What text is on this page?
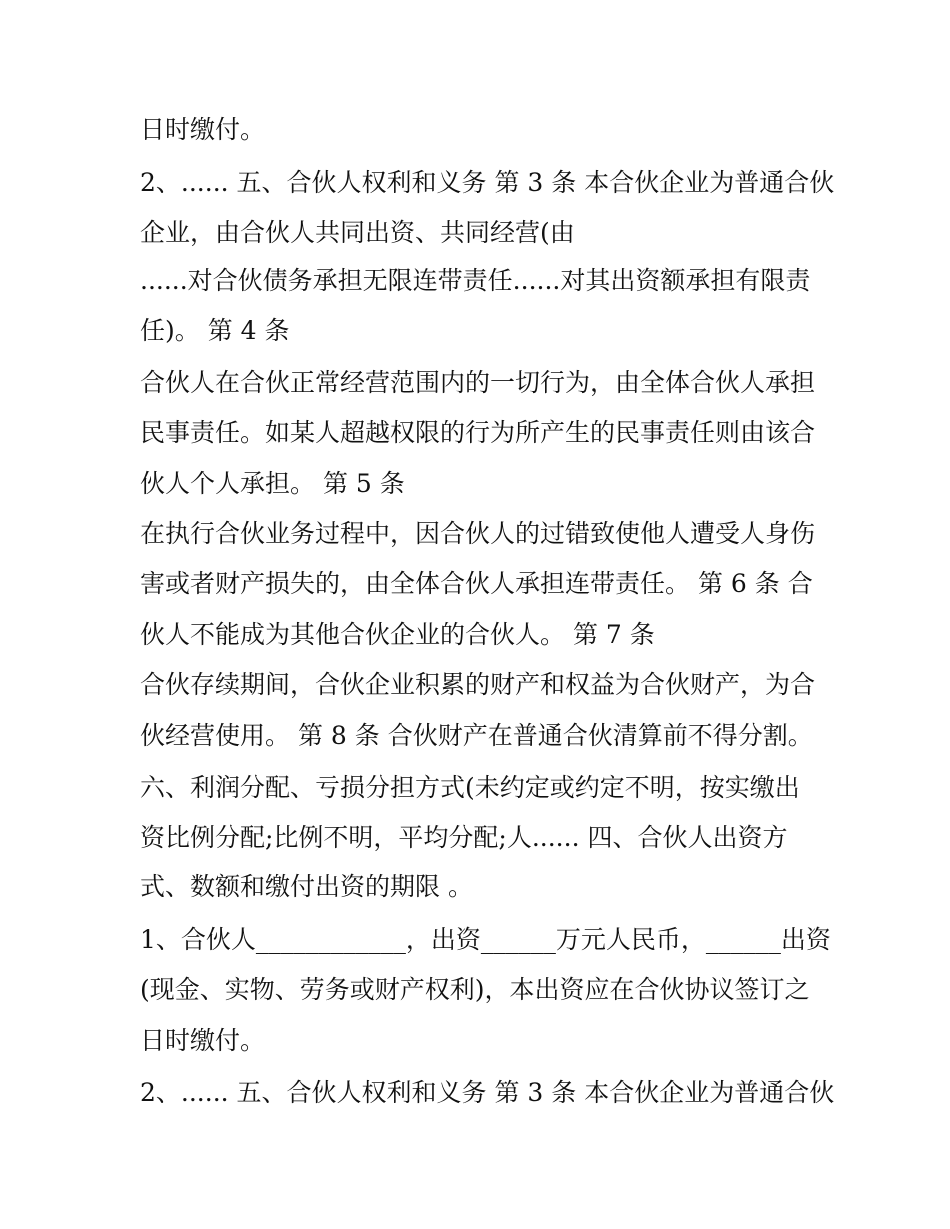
日时缴付。
2、...... 五、合伙人权利和义务 第 3 条 本合伙企业为普通合伙
企业，由合伙人共同出资、共同经营(由
......对合伙债务承担无限连带责任......对其出资额承担有限责
任)。 第 4 条
合伙人在合伙正常经营范围内的一切行为，由全体合伙人承担
民事责任。如某人超越权限的行为所产生的民事责任则由该合
伙人个人承担。 第 5 条
在执行合伙业务过程中，因合伙人的过错致使他人遭受人身伤
害或者财产损失的，由全体合伙人承担连带责任。 第 6 条 合
伙人不能成为其他合伙企业的合伙人。 第 7 条
合伙存续期间，合伙企业积累的财产和权益为合伙财产，为合
伙经营使用。 第 8 条 合伙财产在普通合伙清算前不得分割。
六、利润分配、亏损分担方式(未约定或约定不明，按实缴出
资比例分配;比例不明，平均分配;人...... 四、合伙人出资方
式、数额和缴付出资的期限 。
1、合伙人____________，出资______万元人民币，______出资
(现金、实物、劳务或财产权利)，本出资应在合伙协议签订之
日时缴付。
2、...... 五、合伙人权利和义务 第 3 条 本合伙企业为普通合伙
